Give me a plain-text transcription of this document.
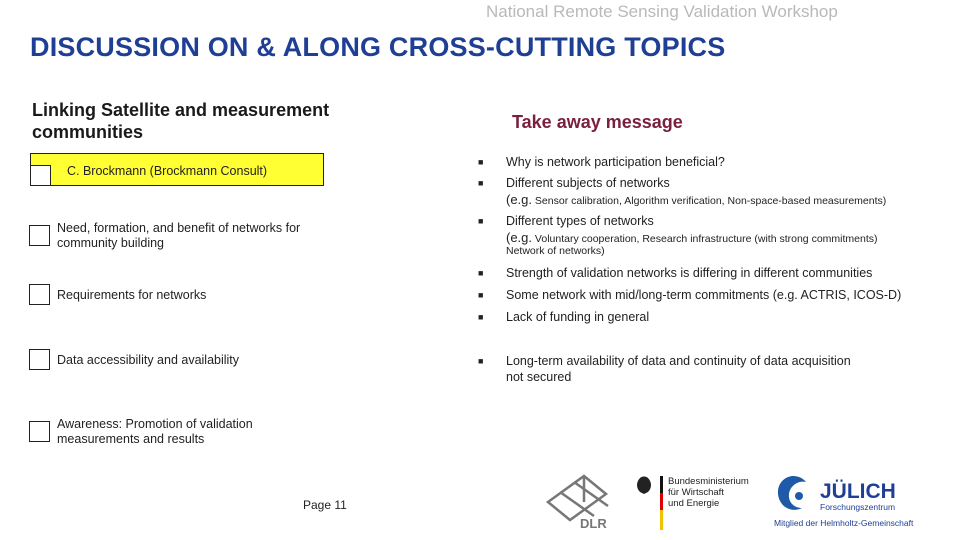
National Remote Sensing Validation Workshop
DISCUSSION ON & ALONG CROSS-CUTTING TOPICS
Linking Satellite and measurement communities
C. Brockmann (Brockmann Consult)
Need, formation, and benefit of networks for community building
Requirements for networks
Data accessibility and availability
Awareness: Promotion of validation measurements and results
Take away message
■ Why is network participation beneficial?
■ Different subjects of networks
(e.g. Sensor calibration, Algorithm verification, Non-space-based measurements)
■ Different types of networks
(e.g. Voluntary cooperation, Research infrastructure (with strong commitments)
Network of networks)
■ Strength of validation networks is differing in different communities
■ Some network with mid/long-term commitments (e.g. ACTRIS, ICOS-D)
■ Lack of funding in general
■ Long-term availability of data and continuity of data acquisition
not secured
Page 11
DLR
Bundesministerium
für Wirtschaft
und Energie
JÜLICH
Forschungszentrum
Mitglied der Helmholtz-Gemeinschaft
